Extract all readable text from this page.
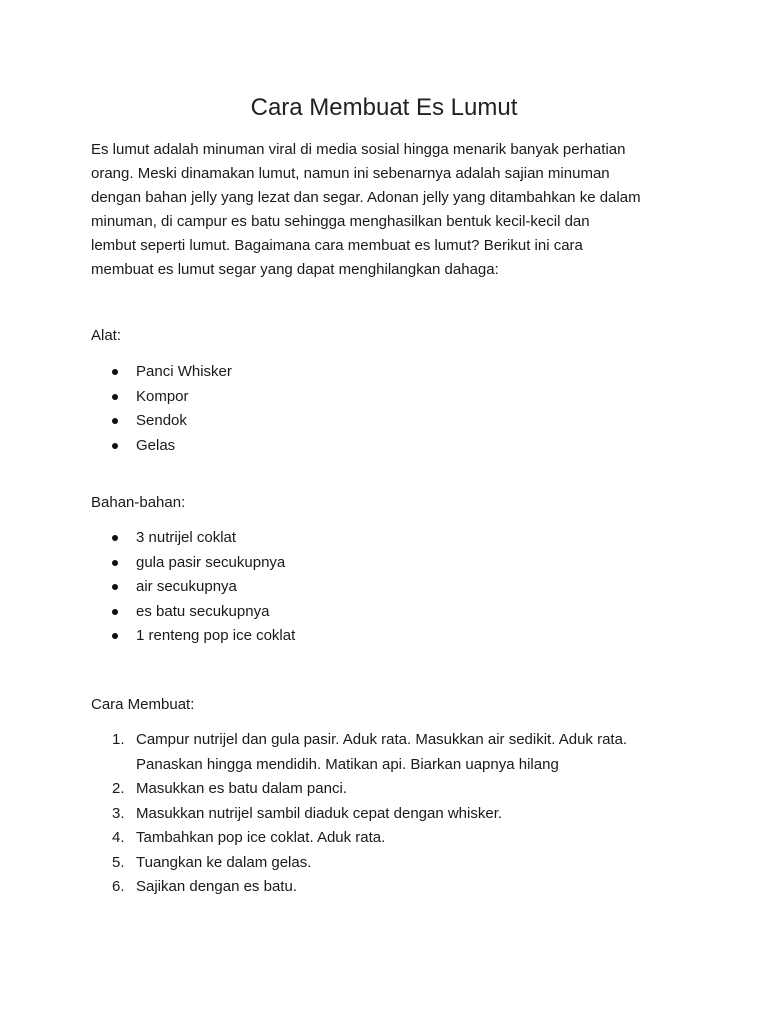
Cara Membuat Es Lumut

Es lumut adalah minuman viral di media sosial hingga menarik banyak perhatian
orang. Meski dinamakan lumut, namun ini sebenarnya adalah sajian minuman
dengan bahan jelly yang lezat dan segar. Adonan jelly yang ditambahkan ke dalam
minuman, di campur es batu sehingga menghasilkan bentuk kecil-kecil dan
lembut seperti lumut. Bagaimana cara membuat es lumut? Berikut ini cara
membuat es lumut segar yang dapat menghilangkan dahaga:

Alat:

Panci Whisker
Kompor
Sendok
Gelas

Bahan-bahan:

3 nutrijel coklat
gula pasir secukupnya
air secukupnya
es batu secukupnya
1 renteng pop ice coklat

Cara Membuat:

1. Campur nutrijel dan gula pasir. Aduk rata. Masukkan air sedikit. Aduk rata.
Panaskan hingga mendidih. Matikan api. Biarkan uapnya hilang
2. Masukkan es batu dalam panci.
3. Masukkan nutrijel sambil diaduk cepat dengan whisker.
4. Tambahkan pop ice coklat. Aduk rata.
5. Tuangkan ke dalam gelas.
6. Sajikan dengan es batu.
